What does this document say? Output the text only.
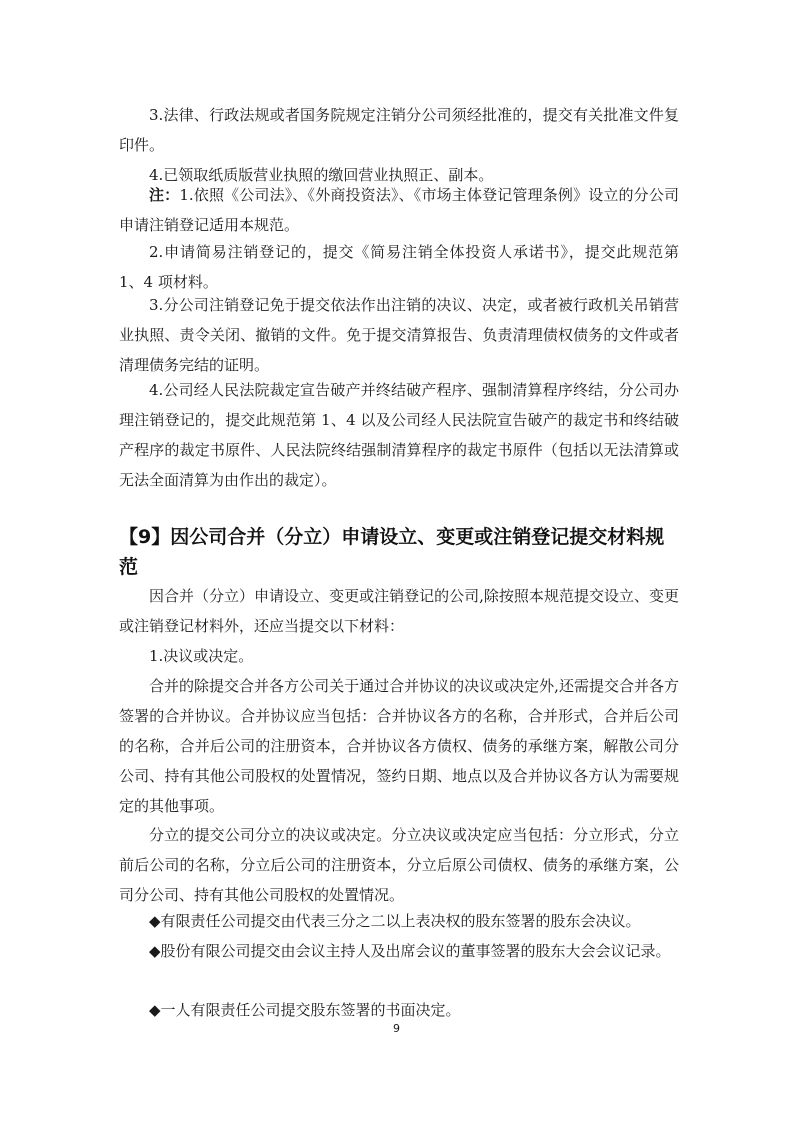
3.法律、行政法规或者国务院规定注销分公司须经批准的，提交有关批准文件复印件。

4.已领取纸质版营业执照的缴回营业执照正、副本。

注：1.依照《公司法》、《外商投资法》、《市场主体登记管理条例》设立的分公司申请注销登记适用本规范。

2.申请简易注销登记的，提交《简易注销全体投资人承诺书》，提交此规范第 1、4 项材料。

3.分公司注销登记免于提交依法作出注销的决议、决定，或者被行政机关吊销营业执照、责令关闭、撤销的文件。免于提交清算报告、负责清理债权债务的文件或者清理债务完结的证明。

4.公司经人民法院裁定宣告破产并终结破产程序、强制清算程序终结，分公司办理注销登记的，提交此规范第 1、4 以及公司经人民法院宣告破产的裁定书和终结破产程序的裁定书原件、人民法院终结强制清算程序的裁定书原件（包括以无法清算或无法全面清算为由作出的裁定）。

【9】因公司合并（分立）申请设立、变更或注销登记提交材料规范

因合并（分立）申请设立、变更或注销登记的公司,除按照本规范提交设立、变更或注销登记材料外，还应当提交以下材料：

1.决议或决定。

合并的除提交合并各方公司关于通过合并协议的决议或决定外,还需提交合并各方签署的合并协议。合并协议应当包括：合并协议各方的名称，合并形式，合并后公司的名称，合并后公司的注册资本，合并协议各方债权、债务的承继方案，解散公司分公司、持有其他公司股权的处置情况，签约日期、地点以及合并协议各方认为需要规定的其他事项。

分立的提交公司分立的决议或决定。分立决议或决定应当包括：分立形式，分立前后公司的名称，分立后公司的注册资本，分立后原公司债权、债务的承继方案，公司分公司、持有其他公司股权的处置情况。

◆有限责任公司提交由代表三分之二以上表决权的股东签署的股东会决议。

◆股份有限公司提交由会议主持人及出席会议的董事签署的股东大会会议记录。

◆一人有限责任公司提交股东签署的书面决定。

9
